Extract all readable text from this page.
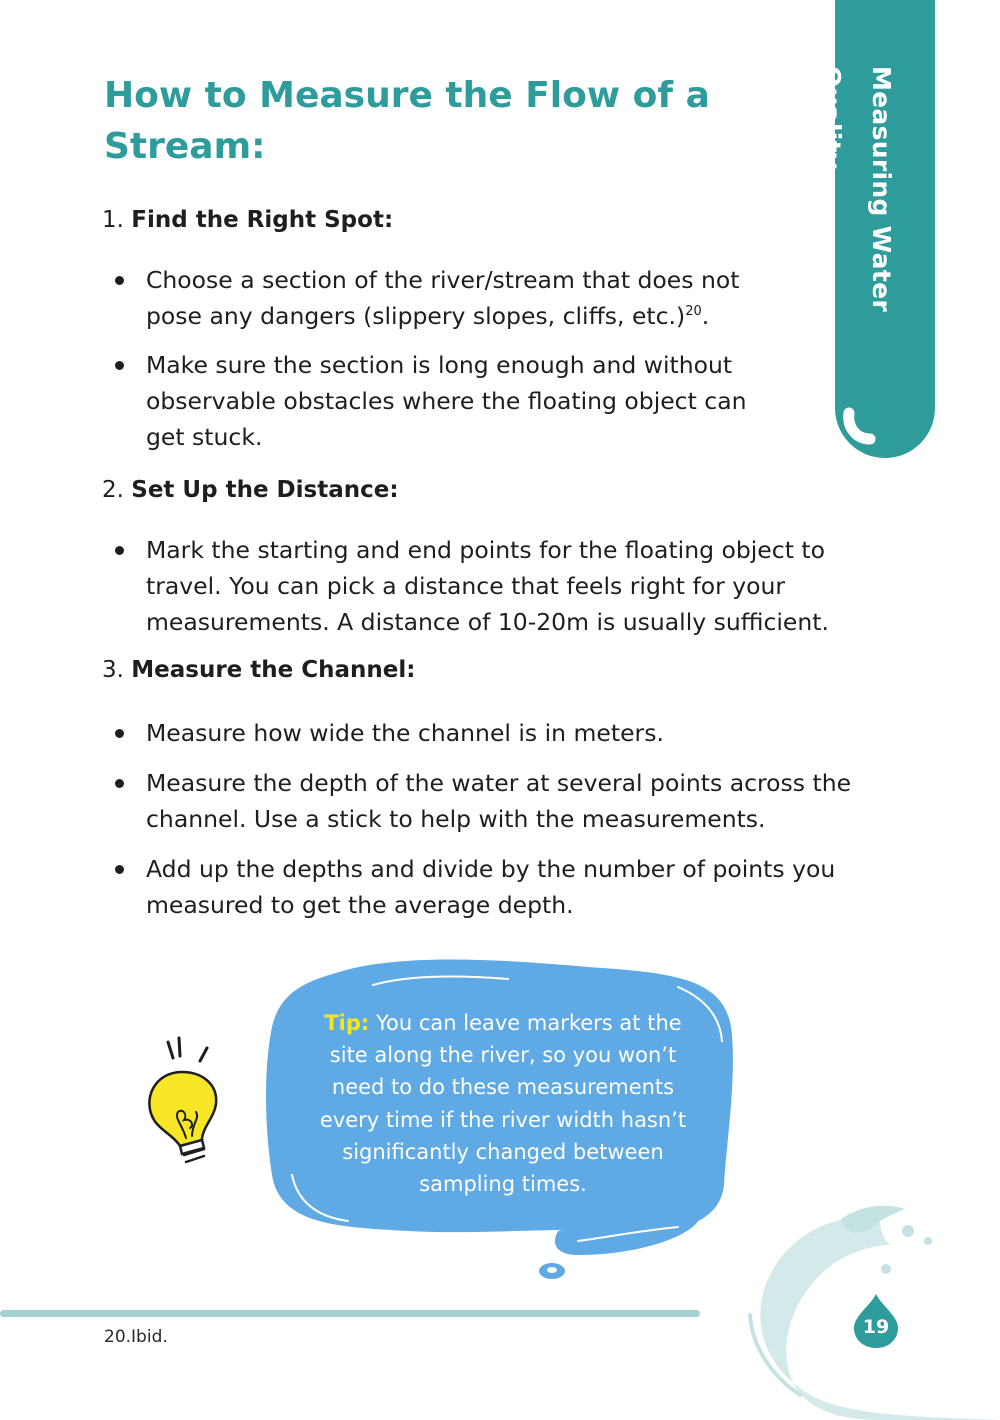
Measuring Water Quality
How to Measure the Flow of a Stream:

1. Find the Right Spot:

Choose a section of the river/stream that does not pose any dangers (slippery slopes, cliffs, etc.)$^{20}$.

Make sure the section is long enough and without observable obstacles where the floating object can get stuck.

2. Set Up the Distance:

Mark the starting and end points for the floating object to travel. You can pick a distance that feels right for your measurements. A distance of 10-20m is usually sufficient.

3. Measure the Channel:

Measure how wide the channel is in meters.

Measure the depth of the water at several points across the channel. Use a stick to help with the measurements.

Add up the depths and divide by the number of points you measured to get the average depth.

Tip: You can leave markers at the site along the river, so you won’t need to do these measurements every time if the river width hasn’t significantly changed between sampling times.

20.Ibid.	19
